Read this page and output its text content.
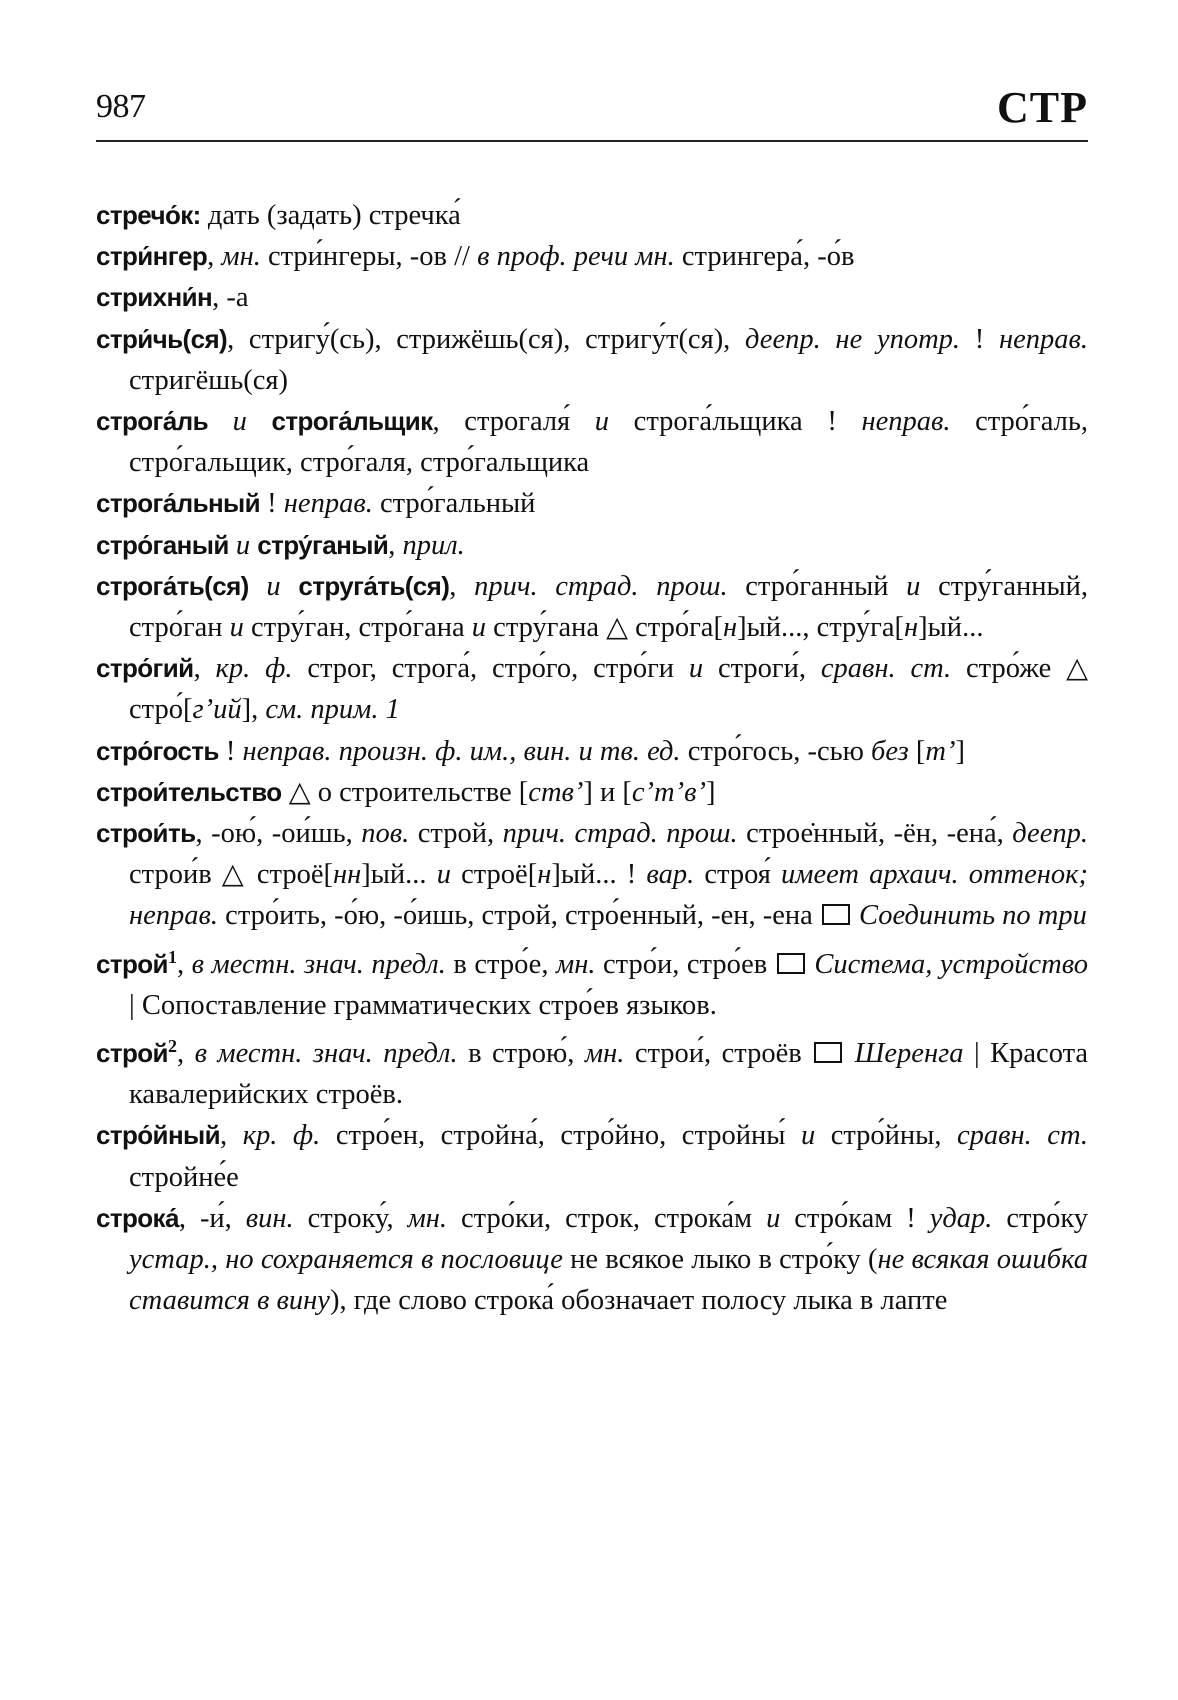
987	СТР

стречо́к: дать (задать) стречка́

стри́нгер, мн. стри́нгеры, -ов // в проф. речи мн. стрингера́, -о́в

стрихни́н, -а

стри́чь(ся), стригу́(сь), стрижёшь(ся), стригу́т(ся), деепр. не употр. ! неправ. стригёшь(ся)

строга́ль и строга́льщик, строгаля́ и строга́льщика ! неправ. стро́галь, стро́гальщик, стро́галя, стро́гальщика

строга́льный ! неправ. стро́гальный

стро́ганый и стру́ганый, прил.

строга́ть(ся) и струга́ть(ся), прич. страд. прош. стро́ганный и стру́ганный, стро́ган и стру́ган, стро́гана и стру́гана △ стро́га[н]ый..., стру́га[н]ый...

стро́гий, кр. ф. строг, строга́, стро́го, стро́ги и строги́, сравн. ст. стро́же △ стро́[гʼий], см. прим. 1

стро́гость ! неправ. произн. ф. им., вин. и тв. ед. стро́гось, -сью без [тʼ]

строи́тельство △ о строительстве [ствʼ] и [сʼтʼвʼ]

строи́ть, -ою́, -ои́шь, пов. строй, прич. страд. прош. строе̇нный, -ён, -ена́, деепр. строи́в △ строё[нн]ый... и строё[н]ый... ! вар. строя́ имеет архаич. оттенок; неправ. стро́ить, -о́ю, -о́ишь, строй, стро́енный, -ен, -ена  Соединить по три

строй$^1$, в местн. знач. предл. в стро́е, мн. стро́и, стро́ев  Система, устройство | Сопоставление грамматических стро́ев языков.

строй$^2$, в местн. знач. предл. в строю́, мн. строи́, строёв  Шеренга | Красота кавалерийских строёв.

стро́йный, кр. ф. стро́ен, стройна́, стро́йно, стройны́ и стро́йны, сравн. ст. стройне́е

строка́, -и́, вин. строку́, мн. стро́ки, строк, строка́м и стро́кам ! удар. стро́ку устар., но сохраняется в пословице не всякое лыко в стро́ку (не всякая ошибка ставится в вину), где слово строка́ обозначает полосу лыка в лапте
